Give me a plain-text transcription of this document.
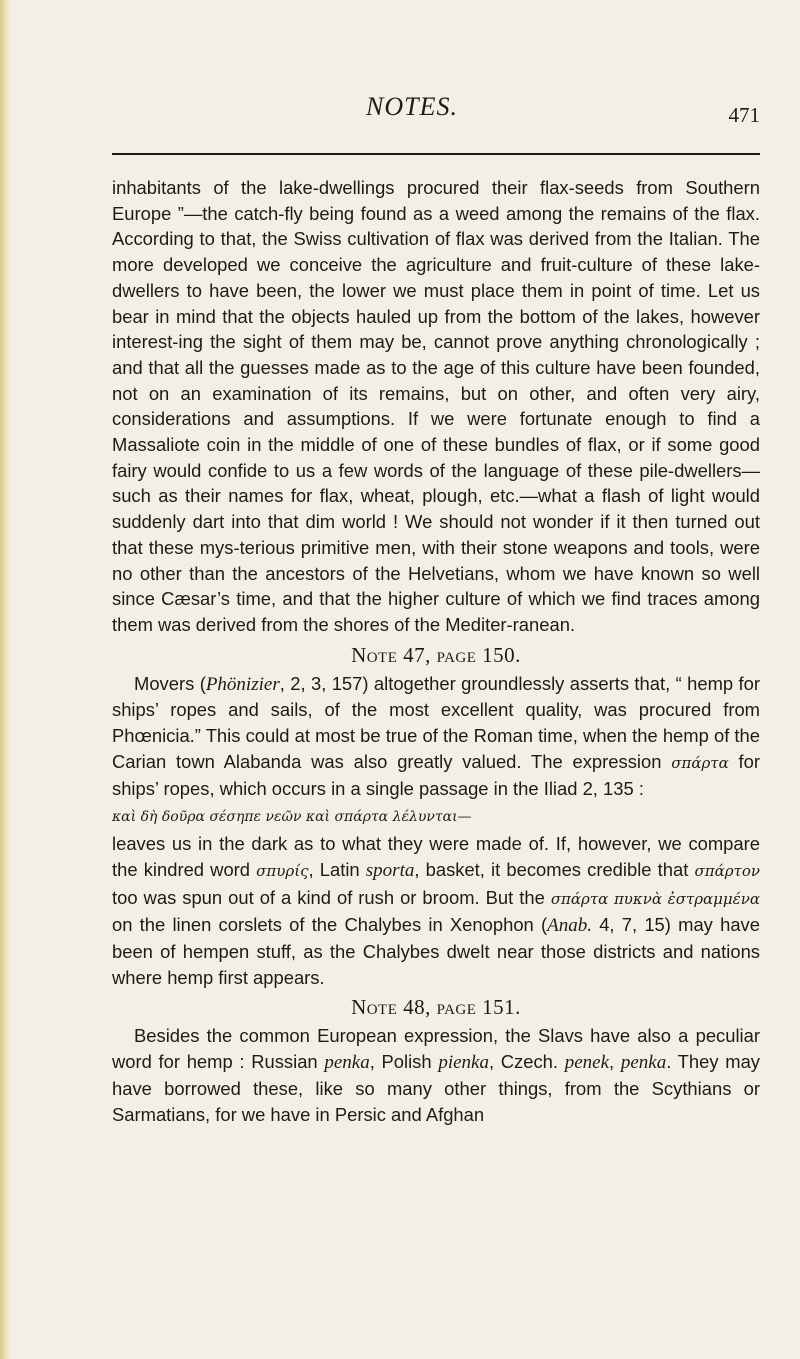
NOTES.	471

inhabitants of the lake-dwellings procured their flax-seeds from Southern Europe ”—the catch-fly being found as a weed among the remains of the flax. According to that, the Swiss cultivation of flax was derived from the Italian. The more developed we conceive the agriculture and fruit-culture of these lake-dwellers to have been, the lower we must place them in point of time. Let us bear in mind that the objects hauled up from the bottom of the lakes, however interest-ing the sight of them may be, cannot prove anything chronologically ; and that all the guesses made as to the age of this culture have been founded, not on an examination of its remains, but on other, and often very airy, considerations and assumptions. If we were fortunate enough to find a Massaliote coin in the middle of one of these bundles of flax, or if some good fairy would confide to us a few words of the language of these pile-dwellers—such as their names for flax, wheat, plough, etc.—what a flash of light would suddenly dart into that dim world ! We should not wonder if it then turned out that these mys-terious primitive men, with their stone weapons and tools, were no other than the ancestors of the Helvetians, whom we have known so well since Cæsar’s time, and that the higher culture of which we find traces among them was derived from the shores of the Mediter-ranean.

Note 47, page 150.

Movers (Phönizier, 2, 3, 157) altogether groundlessly asserts that, “ hemp for ships’ ropes and sails, of the most excellent quality, was procured from Phœnicia.” This could at most be true of the Roman time, when the hemp of the Carian town Alabanda was also greatly valued. The expression σπάρτα for ships’ ropes, which occurs in a single passage in the Iliad 2, 135 :

καὶ δὴ δοῦρα σέσηπε νεῶν καὶ σπάρτα λέλυνται—

leaves us in the dark as to what they were made of. If, however, we compare the kindred word σπυρίς, Latin sporta, basket, it becomes credible that σπάρτον too was spun out of a kind of rush or broom. But the σπάρτα πυκνὰ ἐστραμμένα on the linen corslets of the Chalybes in Xenophon (Anab. 4, 7, 15) may have been of hempen stuff, as the Chalybes dwelt near those districts and nations where hemp first appears.

Note 48, page 151.

Besides the common European expression, the Slavs have also a peculiar word for hemp : Russian penka, Polish pienka, Czech. penek, penka. They may have borrowed these, like so many other things, from the Scythians or Sarmatians, for we have in Persic and Afghan
